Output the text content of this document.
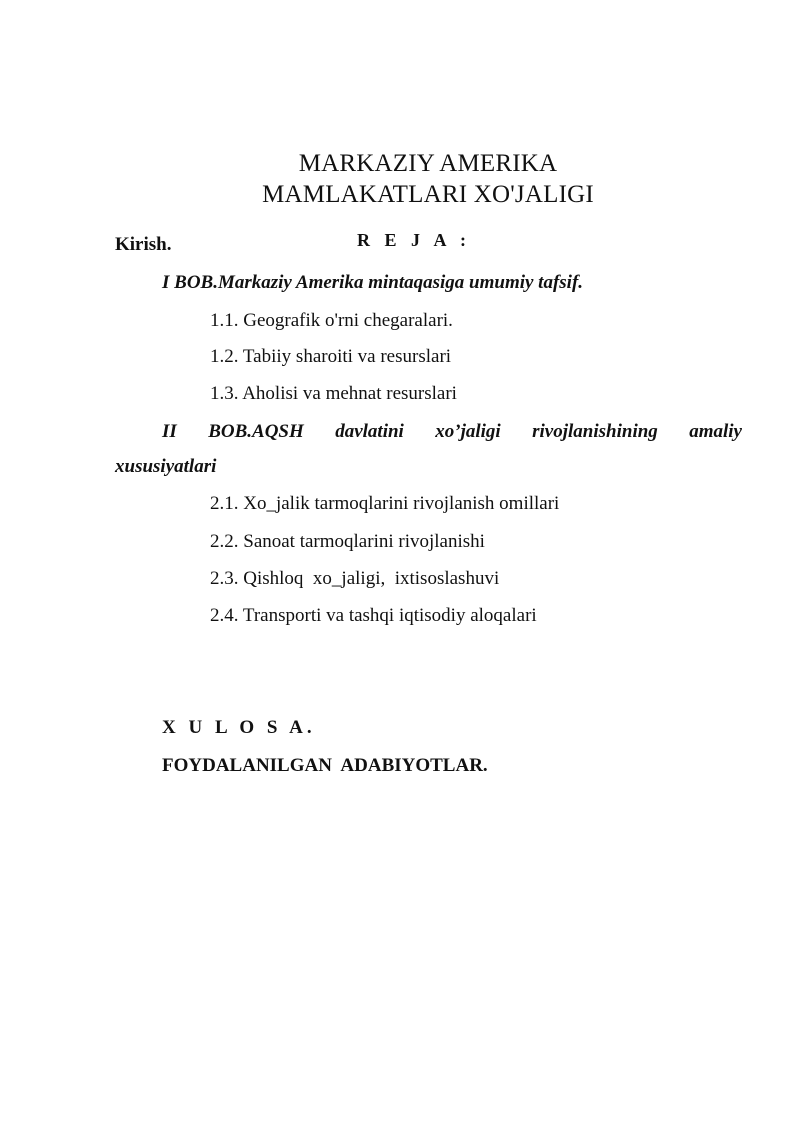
MARKAZIY AMERIKA
MAMLAKATLARI XO'JALIGI
Kirish.	R E J A :
I BOB.Markaziy Amerika mintaqasiga umumiy tafsif.
1.1. Geografik o'rni chegaralari.
1.2. Tabiiy sharoiti va resurslari
1.3. Aholisi va mehnat resurslari
II BOB.AQSH davlatini xo’jaligi rivojlanishining amaliy
xususiyatlari
2.1. Xo_jalik tarmoqlarini rivojlanish omillari
2.2. Sanoat tarmoqlarini rivojlanishi
2.3. Qishloq  xo_jaligi,  ixtisoslashuvi
2.4. Transporti va tashqi iqtisodiy aloqalari
X U L O S A.
FOYDALANILGAN  ADABIYOTLAR.
